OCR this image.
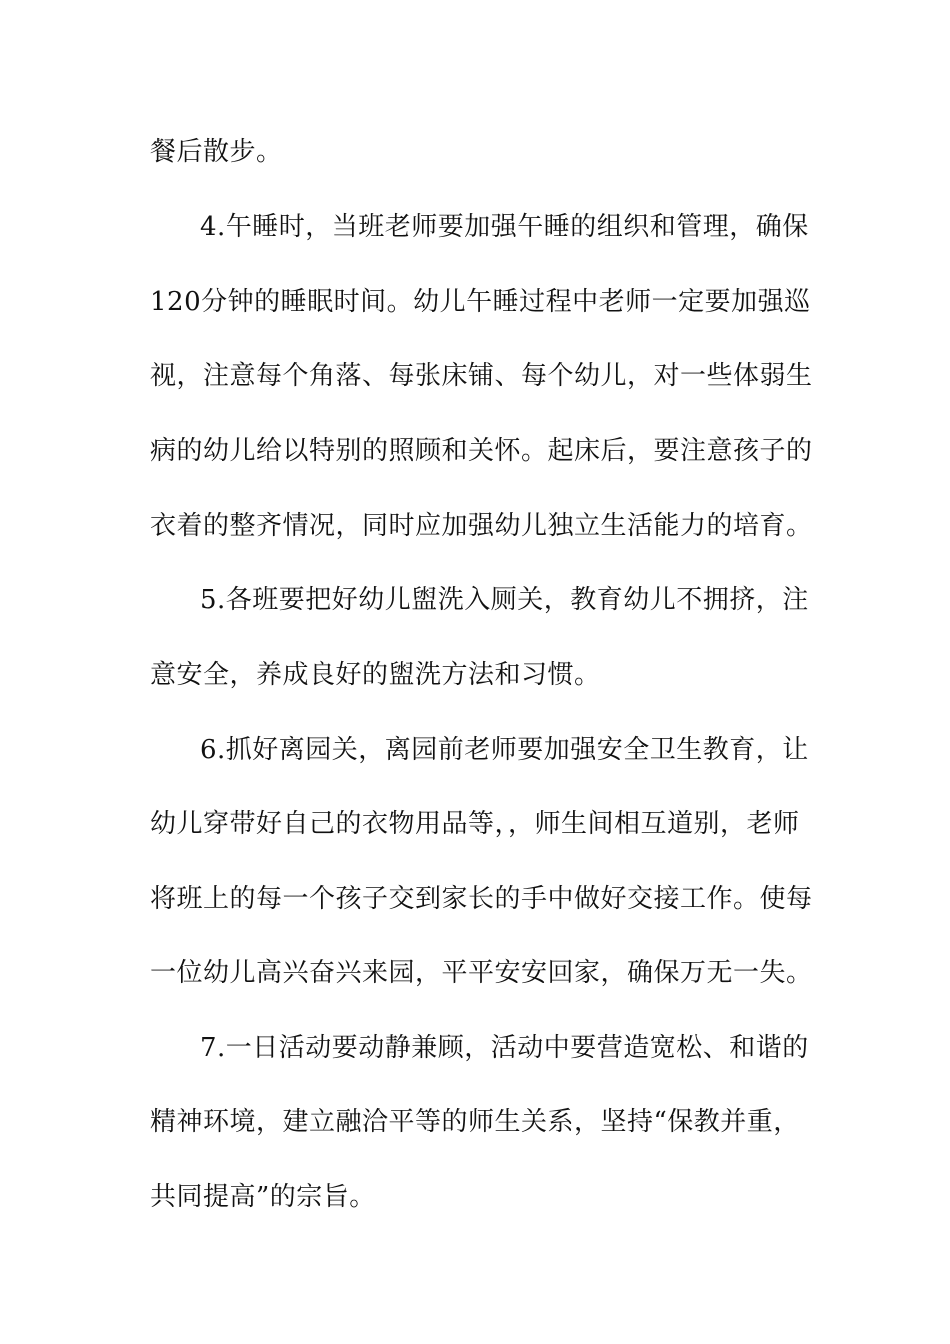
餐后散步。
4.午睡时，当班老师要加强午睡的组织和管理，确保
120分钟的睡眠时间。幼儿午睡过程中老师一定要加强巡
视，注意每个角落、每张床铺、每个幼儿，对一些体弱生
病的幼儿给以特别的照顾和关怀。起床后，要注意孩子的
衣着的整齐情况，同时应加强幼儿独立生活能力的培育。
5.各班要把好幼儿盥洗入厕关，教育幼儿不拥挤，注
意安全，养成良好的盥洗方法和习惯。
6.抓好离园关，离园前老师要加强安全卫生教育，让
幼儿穿带好自己的衣物用品等，，师生间相互道别，老师
将班上的每一个孩子交到家长的手中做好交接工作。使每
一位幼儿高兴奋兴来园，平平安安回家，确保万无一失。
7.一日活动要动静兼顾，活动中要营造宽松、和谐的
精神环境，建立融洽平等的师生关系，坚持“保教并重，
共同提高”的宗旨。
